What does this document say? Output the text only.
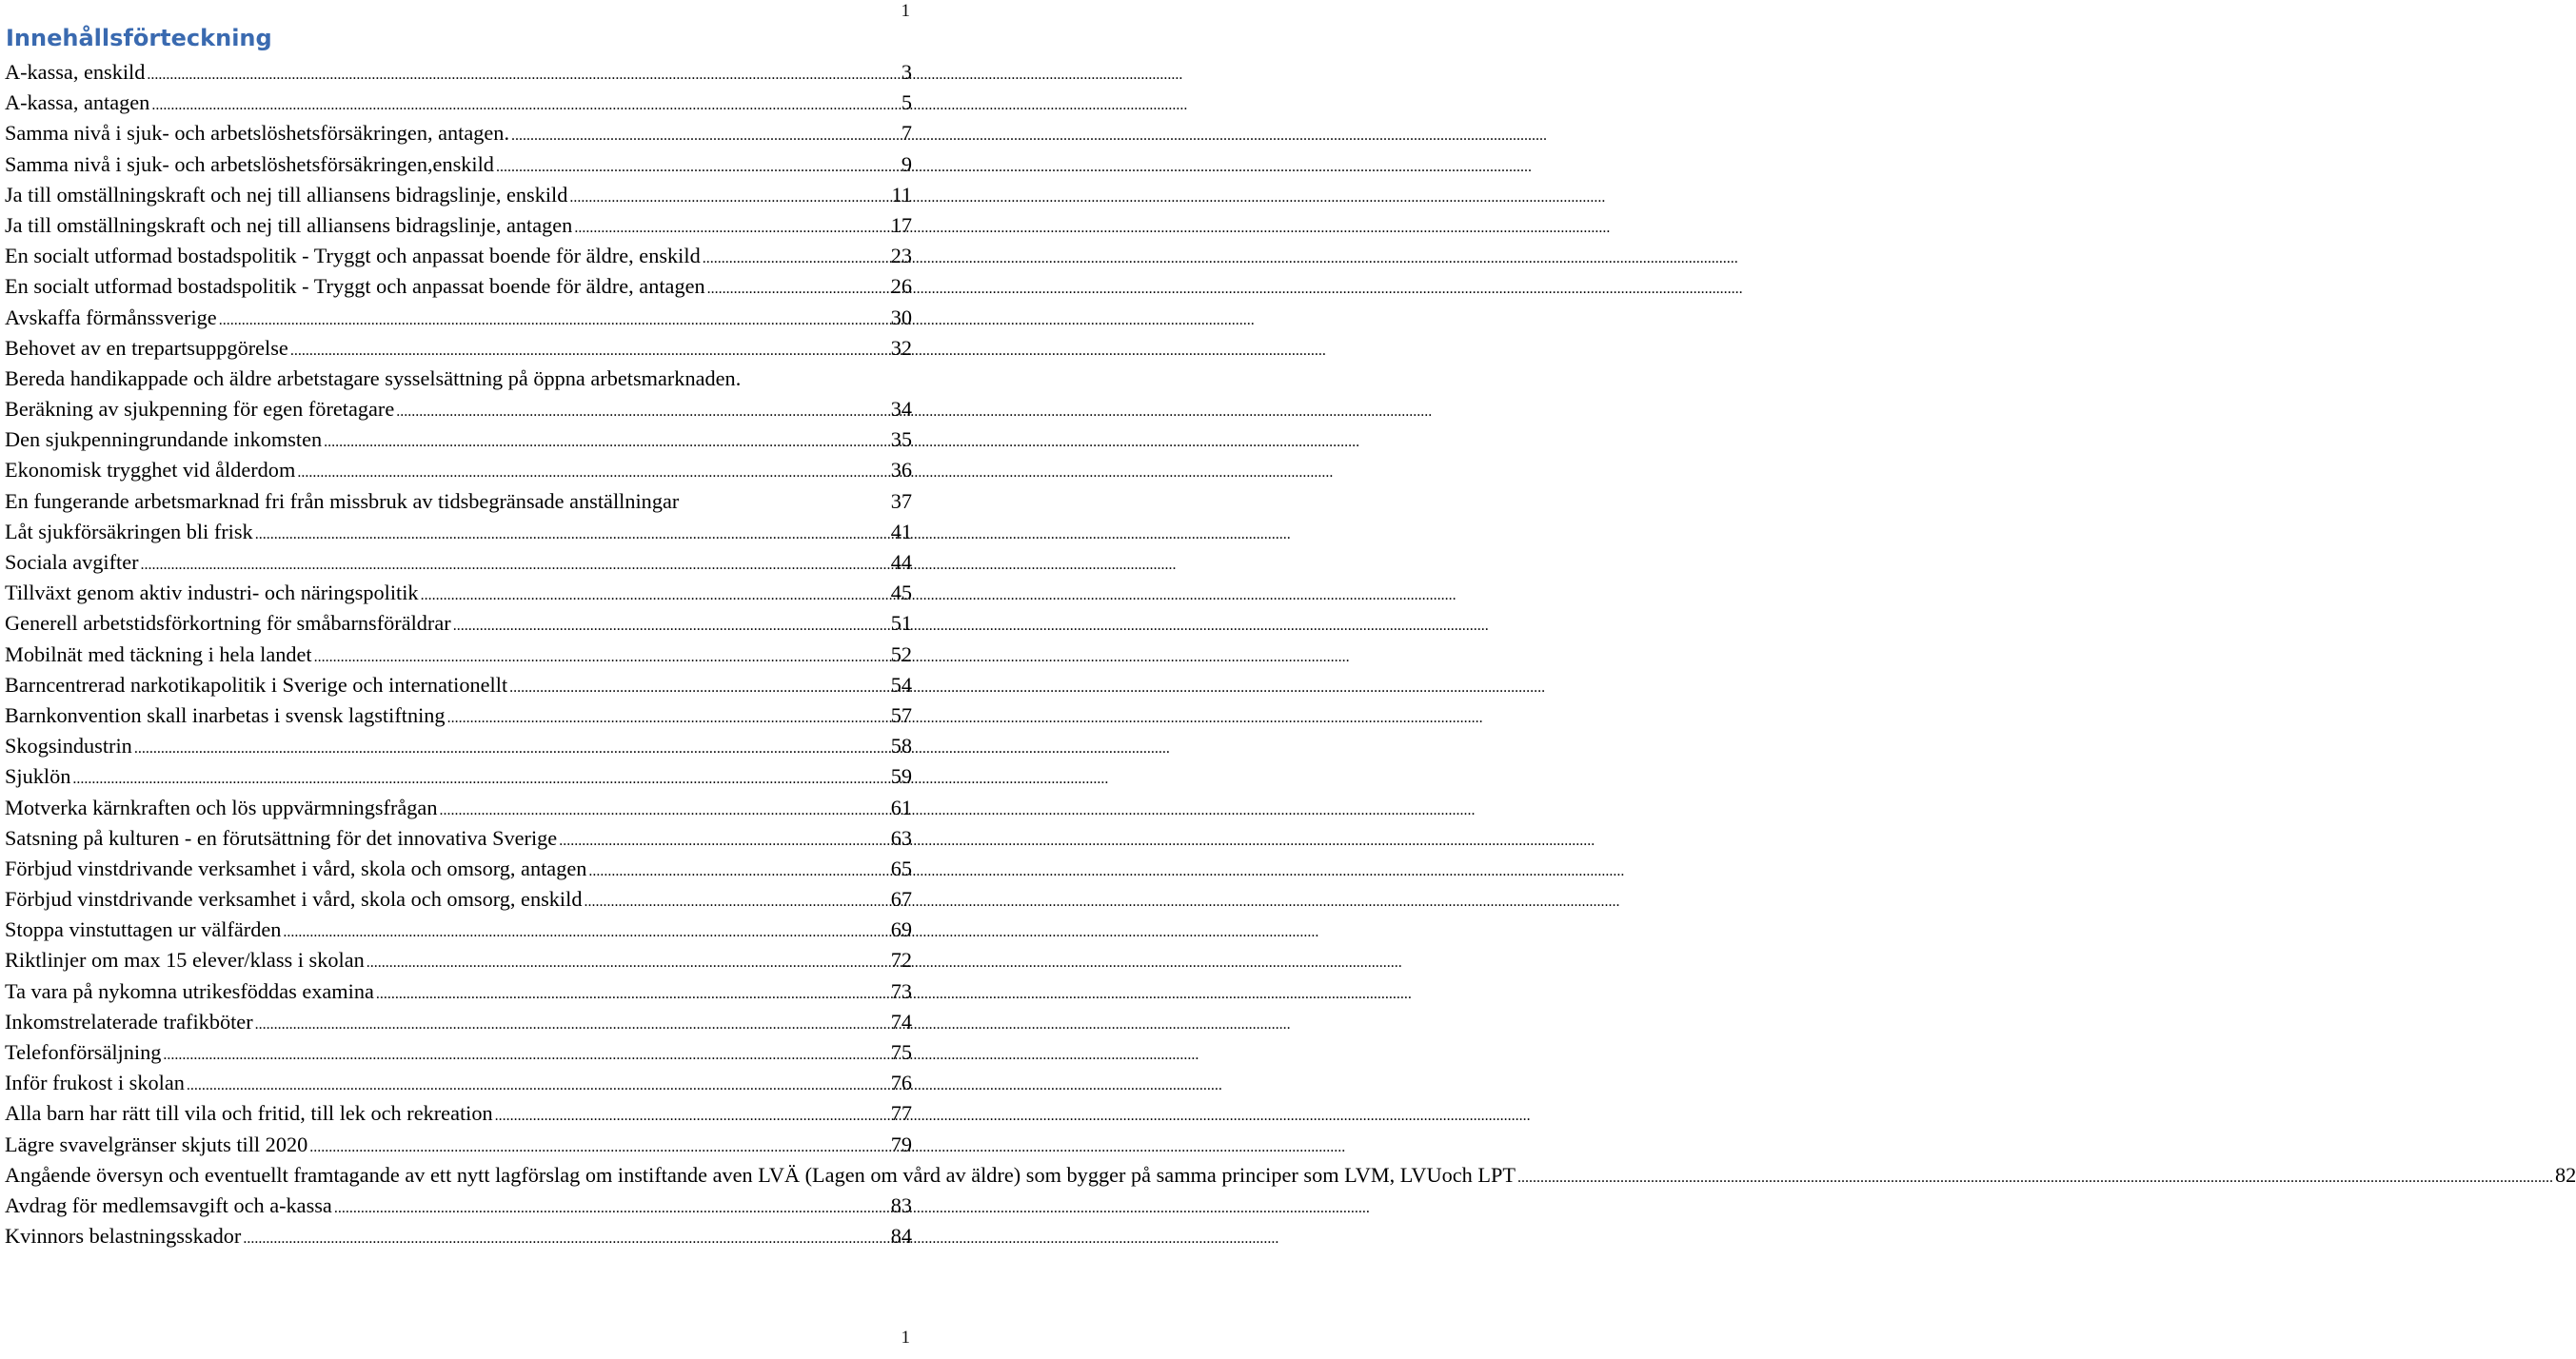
1
Innehållsförteckning
A-kassa, enskild .....	3
A-kassa, antagen .....	5
Samma nivå i sjuk- och arbetslöshetsförsäkringen, antagen. .....	7
Samma nivå i sjuk- och arbetslöshetsförsäkringen,enskild .....	9
Ja till omställningskraft och nej till alliansens bidragslinje, enskild .....	11
Ja till omställningskraft och nej till alliansens bidragslinje, antagen .....	17
En socialt utformad bostadspolitik - Tryggt och anpassat boende för äldre, enskild .....	23
En socialt utformad bostadspolitik - Tryggt och anpassat boende för äldre, antagen .....	26
Avskaffa förmånssverige .....	30
Behovet av en trepartsuppgörelse .....	32
Bereda handikappade och äldre arbetstagare sysselsättning på öppna arbetsmarknaden.
Beräkning av sjukpenning för egen företagare .....	34
Den sjukpenningrundande inkomsten .....	35
Ekonomisk trygghet vid ålderdom .....	36
En fungerande arbetsmarknad fri från missbruk av tidsbegränsade anställningar	37
Låt sjukförsäkringen bli frisk .....	41
Sociala avgifter .....	44
Tillväxt genom aktiv industri- och näringspolitik .....	45
Generell arbetstidsförkortning för småbarnsföräldrar .....	51
Mobilnät med täckning i hela landet .....	52
Barncentrerad narkotikapolitik i Sverige och internationellt .....	54
Barnkonvention skall inarbetas i svensk lagstiftning .....	57
Skogsindustrin .....	58
Sjuklön .....	59
Motverka kärnkraften och lös uppvärmningsfrågan .....	61
Satsning på kulturen - en förutsättning för det innovativa Sverige .....	63
Förbjud vinstdrivande verksamhet i vård, skola och omsorg, antagen .....	65
Förbjud vinstdrivande verksamhet i vård, skola och omsorg, enskild .....	67
Stoppa vinstuttagen ur välfärden .....	69
Riktlinjer om max 15 elever/klass i skolan .....	72
Ta vara på nykomna utrikesföddas examina .....	73
Inkomstrelaterade trafikböter .....	74
Telefonförsäljning .....	75
Inför frukost i skolan .....	76
Alla barn har rätt till vila och fritid, till lek och rekreation .....	77
Lägre svavelgränser skjuts till 2020 .....	79
Angående översyn och eventuellt framtagande av ett nytt lagförslag om instiftande av en LVÄ (Lagen om vård av äldre) som bygger på samma principer som LVM, LVU och LPT .....	82
Avdrag för medlemsavgift och a-kassa .....	83
Kvinnors belastningsskador .....	84
1
